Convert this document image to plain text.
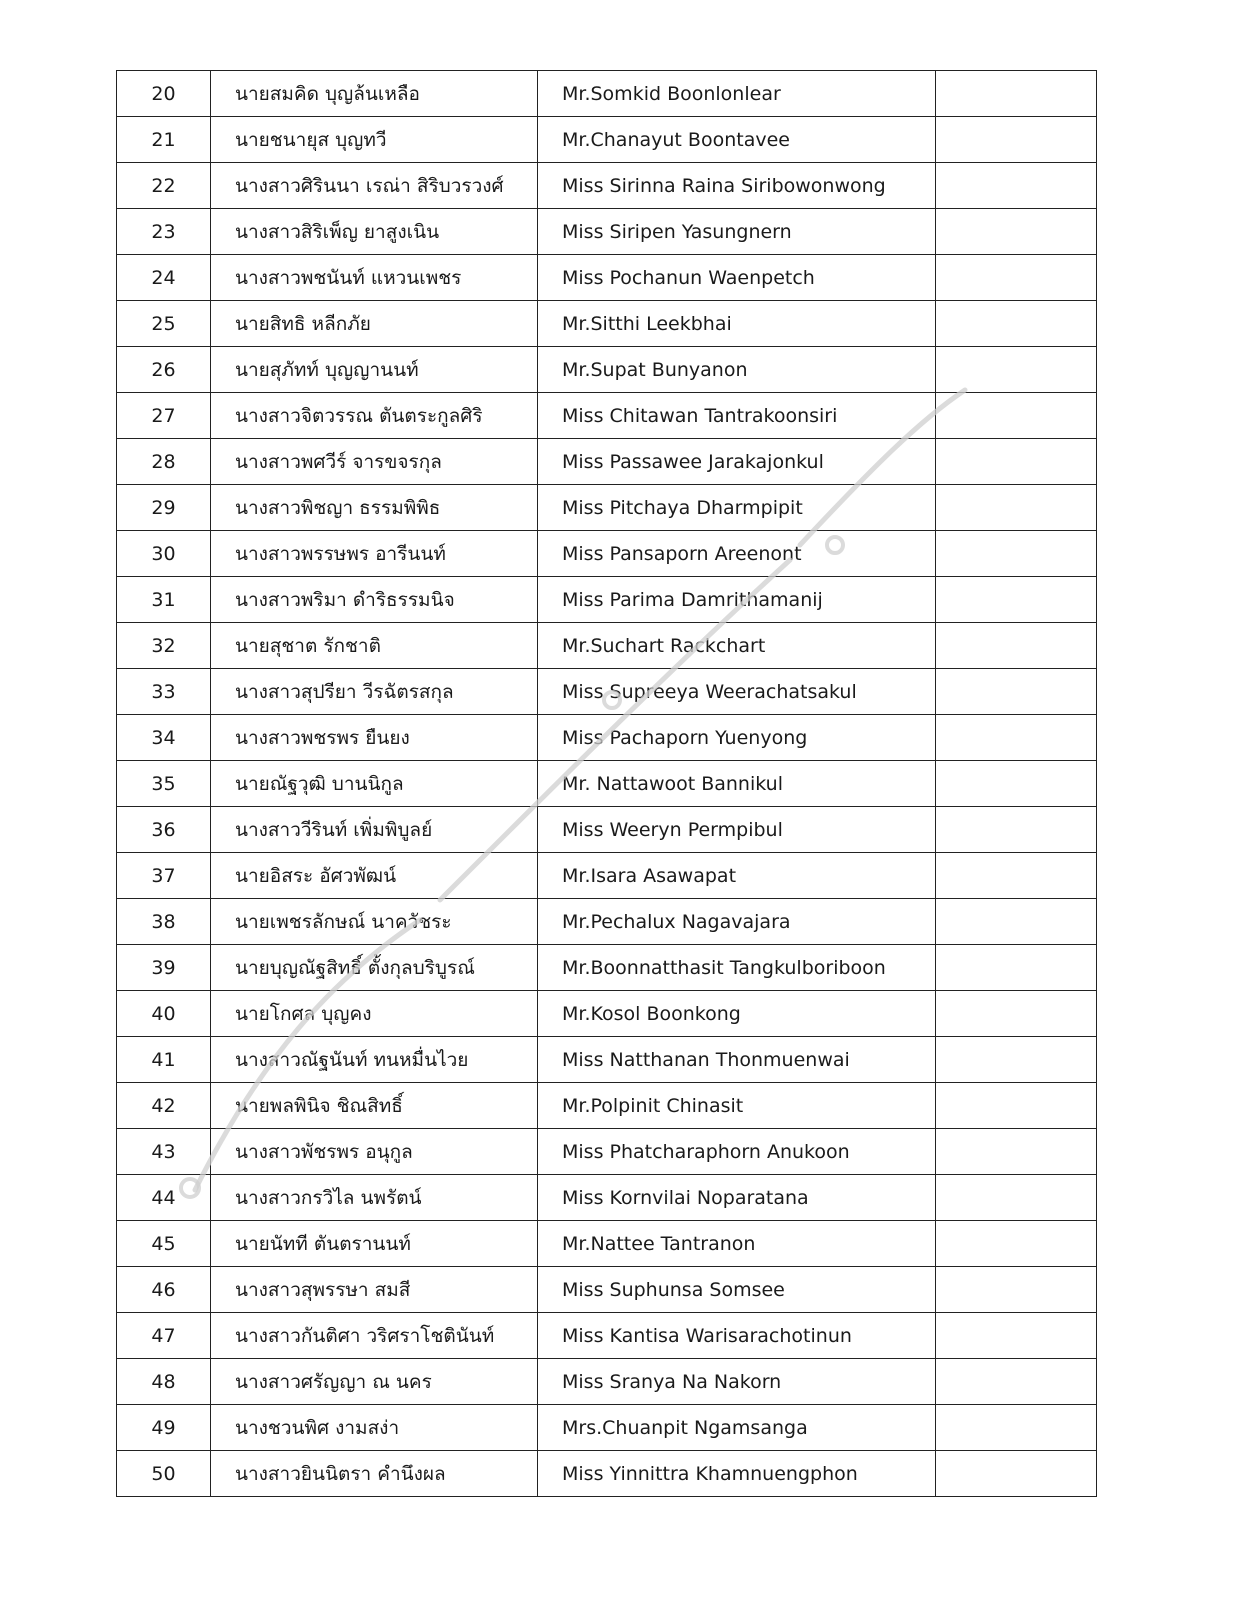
20	นายสมคิด บุญล้นเหลือ	Mr.Somkid Boonlonlear	
21	นายชนายุส บุญทวี	Mr.Chanayut Boontavee	
22	นางสาวศิรินนา เรณ่า สิริบวรวงศ์	Miss Sirinna Raina Siribowonwong	
23	นางสาวสิริเพ็ญ ยาสูงเนิน	Miss Siripen Yasungnern	
24	นางสาวพชนันท์ แหวนเพชร	Miss Pochanun Waenpetch	
25	นายสิทธิ หลีกภัย	Mr.Sitthi Leekbhai	
26	นายสุภัทท์ บุญญานนท์	Mr.Supat Bunyanon	
27	นางสาวจิตวรรณ ตันตระกูลศิริ	Miss Chitawan Tantrakoonsiri	
28	นางสาวพศวีร์ จารขจรกุล	Miss Passawee Jarakajonkul	
29	นางสาวพิชญา ธรรมพิพิธ	Miss Pitchaya Dharmpipit	
30	นางสาวพรรษพร อารีนนท์	Miss Pansaporn Areenont	
31	นางสาวพริมา ดำริธรรมนิจ	Miss Parima Damrithamanij	
32	นายสุชาต รักชาติ	Mr.Suchart Rackchart	
33	นางสาวสุปรียา วีรฉัตรสกุล	Miss Supreeya Weerachatsakul	
34	นางสาวพชรพร ยืนยง	Miss Pachaporn Yuenyong	
35	นายณัฐวุฒิ บานนิกูล	Mr. Nattawoot Bannikul	
36	นางสาววีรินท์ เพิ่มพิบูลย์	Miss Weeryn Permpibul	
37	นายอิสระ อัศวพัฒน์	Mr.Isara Asawapat	
38	นายเพชรลักษณ์ นาควัชระ	Mr.Pechalux Nagavajara	
39	นายบุญณัฐสิทธิ์ ตั้งกุลบริบูรณ์	Mr.Boonnatthasit Tangkulboriboon	
40	นายโกศล บุญคง	Mr.Kosol Boonkong	
41	นางสาวณัฐนันท์ ทนหมื่นไวย	Miss Natthanan Thonmuenwai	
42	นายพลพินิจ ชิณสิทธิ์	Mr.Polpinit Chinasit	
43	นางสาวพัชรพร อนุกูล	Miss Phatcharaphorn Anukoon	
44	นางสาวกรวิไล นพรัตน์	Miss Kornvilai Noparatana	
45	นายนัทที ตันตรานนท์	Mr.Nattee Tantranon	
46	นางสาวสุพรรษา สมสี	Miss Suphunsa Somsee	
47	นางสาวกันติศา วริศราโชตินันท์	Miss Kantisa Warisarachotinun	
48	นางสาวศรัญญา ณ นคร	Miss Sranya Na Nakorn	
49	นางชวนพิศ งามสง่า	Mrs.Chuanpit Ngamsanga	
50	นางสาวยินนิตรา คำนึงผล	Miss Yinnittra Khamnuengphon	
